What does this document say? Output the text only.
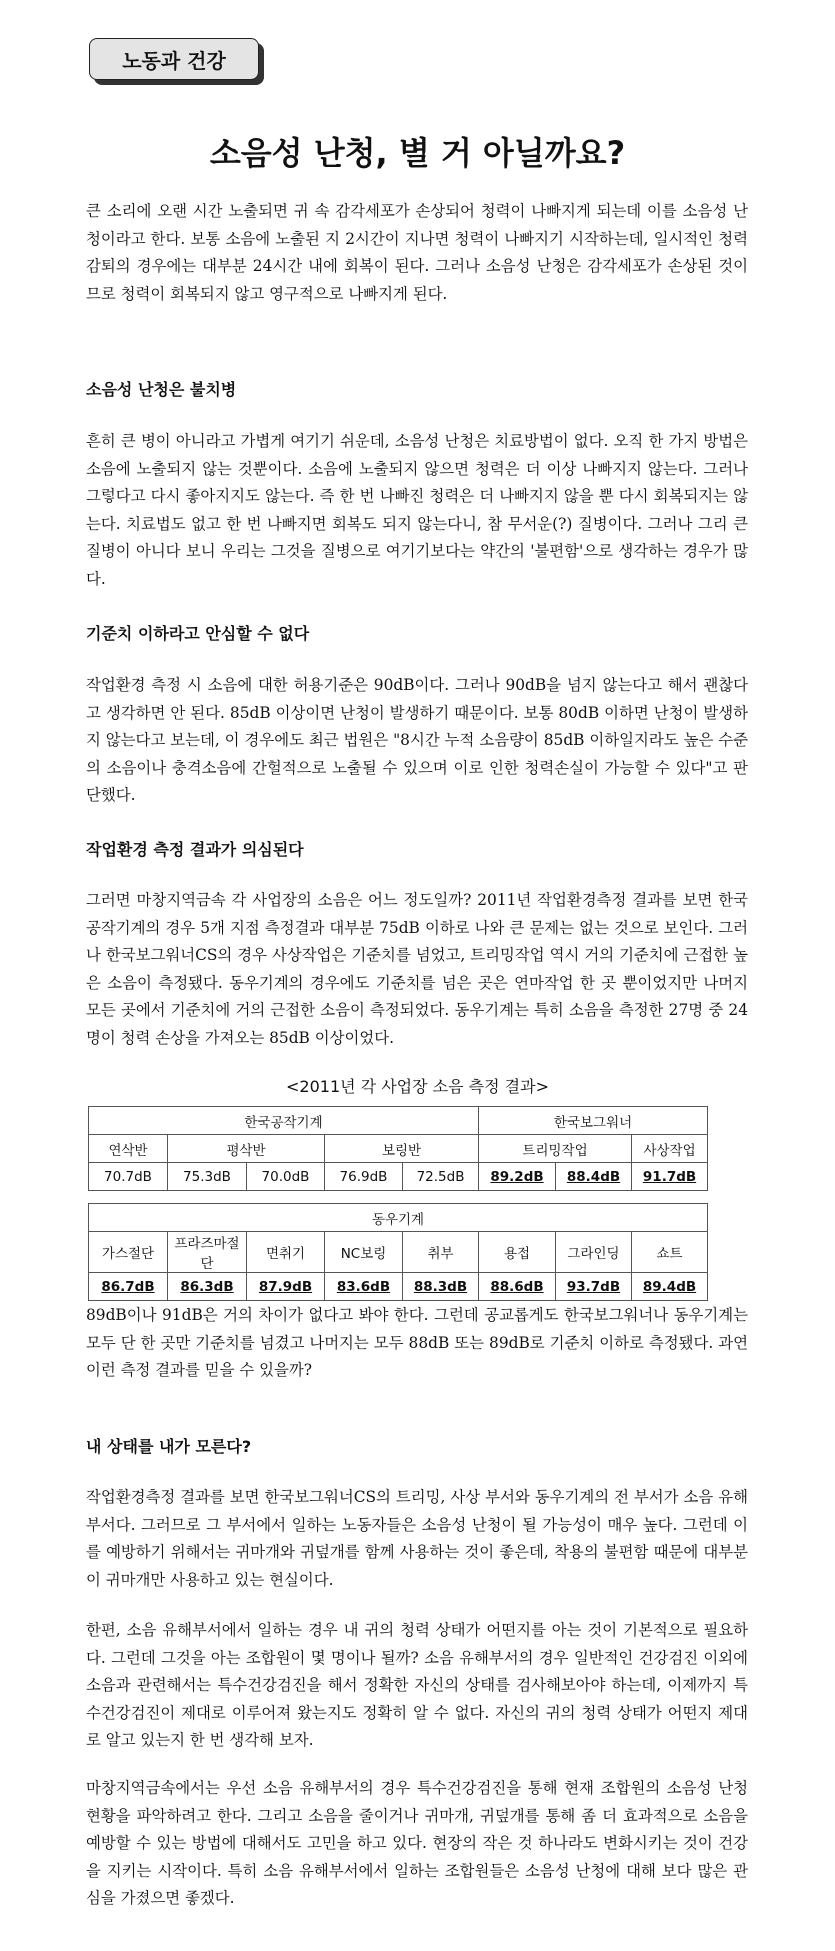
노동과 건강
소음성 난청, 별 거 아닐까요?

큰 소리에 오랜 시간 노출되면 귀 속 감각세포가 손상되어 청력이 나빠지게 되는데 이를 소음성 난청이라고 한다. 보통 소음에 노출된 지 2시간이 지나면 청력이 나빠지기 시작하는데, 일시적인 청력감퇴의 경우에는 대부분 24시간 내에 회복이 된다. 그러나 소음성 난청은 감각세포가 손상된 것이므로 청력이 회복되지 않고 영구적으로 나빠지게 된다.

소음성 난청은 불치병

흔히 큰 병이 아니라고 가볍게 여기기 쉬운데, 소음성 난청은 치료방법이 없다. 오직 한 가지 방법은 소음에 노출되지 않는 것뿐이다. 소음에 노출되지 않으면 청력은 더 이상 나빠지지 않는다. 그러나 그렇다고 다시 좋아지지도 않는다. 즉 한 번 나빠진 청력은 더 나빠지지 않을 뿐 다시 회복되지는 않는다. 치료법도 없고 한 번 나빠지면 회복도 되지 않는다니, 참 무서운(?) 질병이다. 그러나 그리 큰 질병이 아니다 보니 우리는 그것을 질병으로 여기기보다는 약간의 '불편함'으로 생각하는 경우가 많다.

기준치 이하라고 안심할 수 없다

작업환경 측정 시 소음에 대한 허용기준은 90dB이다. 그러나 90dB을 넘지 않는다고 해서 괜찮다고 생각하면 안 된다. 85dB 이상이면 난청이 발생하기 때문이다. 보통 80dB 이하면 난청이 발생하지 않는다고 보는데, 이 경우에도 최근 법원은 "8시간 누적 소음량이 85dB 이하일지라도 높은 수준의 소음이나 충격소음에 간헐적으로 노출될 수 있으며 이로 인한 청력손실이 가능할 수 있다"고 판단했다.

작업환경 측정 결과가 의심된다

그러면 마창지역금속 각 사업장의 소음은 어느 정도일까? 2011년 작업환경측정 결과를 보면 한국공작기계의 경우 5개 지점 측정결과 대부분 75dB 이하로 나와 큰 문제는 없는 것으로 보인다. 그러나 한국보그워너CS의 경우 사상작업은 기준치를 넘었고, 트리밍작업 역시 거의 기준치에 근접한 높은 소음이 측정됐다. 동우기계의 경우에도 기준치를 넘은 곳은 연마작업 한 곳 뿐이었지만 나머지 모든 곳에서 기준치에 거의 근접한 소음이 측정되었다. 동우기계는 특히 소음을 측정한 27명 중 24명이 청력 손상을 가져오는 85dB 이상이었다.

<2011년 각 사업장 소음 측정 결과>
한국공작기계					한국보그워너		
연삭반	평삭반		보링반		트리밍작업		사상작업
70.7dB	75.3dB	70.0dB	76.9dB	72.5dB	89.2dB	88.4dB	91.7dB
동우기계							
가스절단	프라즈마절단	면취기	NC보링	취부	용접	그라인딩	쇼트
86.7dB	86.3dB	87.9dB	83.6dB	88.3dB	88.6dB	93.7dB	89.4dB

89dB이나 91dB은 거의 차이가 없다고 봐야 한다. 그런데 공교롭게도 한국보그워너나 동우기계는 모두 단 한 곳만 기준치를 넘겼고 나머지는 모두 88dB 또는 89dB로 기준치 이하로 측정됐다. 과연 이런 측정 결과를 믿을 수 있을까?

내 상태를 내가 모른다?

작업환경측정 결과를 보면 한국보그워너CS의 트리밍, 사상 부서와 동우기계의 전 부서가 소음 유해부서다. 그러므로 그 부서에서 일하는 노동자들은 소음성 난청이 될 가능성이 매우 높다. 그런데 이를 예방하기 위해서는 귀마개와 귀덮개를 함께 사용하는 것이 좋은데, 착용의 불편함 때문에 대부분이 귀마개만 사용하고 있는 현실이다.

한편, 소음 유해부서에서 일하는 경우 내 귀의 청력 상태가 어떤지를 아는 것이 기본적으로 필요하다. 그런데 그것을 아는 조합원이 몇 명이나 될까? 소음 유해부서의 경우 일반적인 건강검진 이외에 소음과 관련해서는 특수건강검진을 해서 정확한 자신의 상태를 검사해보아야 하는데, 이제까지 특수건강검진이 제대로 이루어져 왔는지도 정확히 알 수 없다. 자신의 귀의 청력 상태가 어떤지 제대로 알고 있는지 한 번 생각해 보자.

마창지역금속에서는 우선 소음 유해부서의 경우 특수건강검진을 통해 현재 조합원의 소음성 난청 현황을 파악하려고 한다. 그리고 소음을 줄이거나 귀마개, 귀덮개를 통해 좀 더 효과적으로 소음을 예방할 수 있는 방법에 대해서도 고민을 하고 있다. 현장의 작은 것 하나라도 변화시키는 것이 건강을 지키는 시작이다. 특히 소음 유해부서에서 일하는 조합원들은 소음성 난청에 대해 보다 많은 관심을 가졌으면 좋겠다.
